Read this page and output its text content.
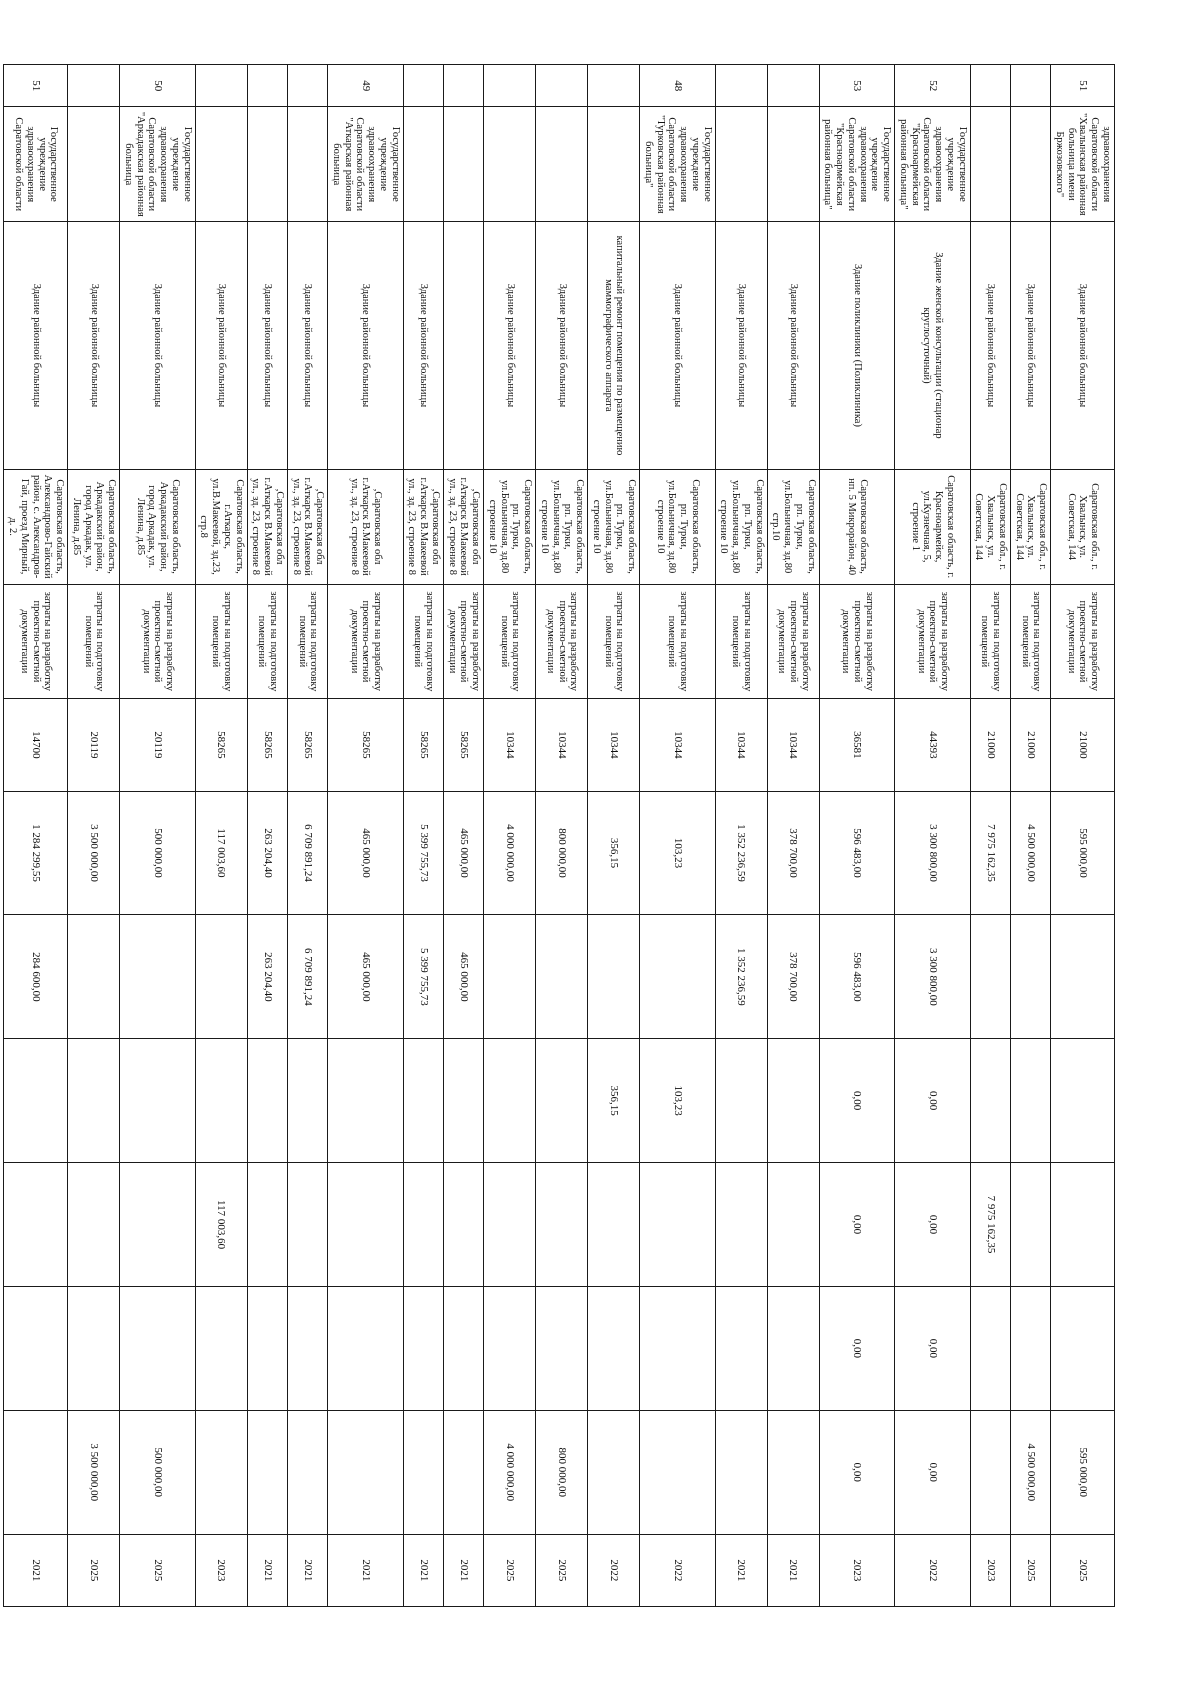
51	здравоохранения Саратовской области "Хвалынская районная больница имени Бржозовского"	Здание районной больницы	Саратовская обл., г. Хвалынск, ул. Советская, 144	затраты на разработку проектно-сметной документации	21000	595 000,00					595 000,00	2025
		Здание районной больницы	Саратовская обл., г. Хвалынск, ул. Советская, 144	затраты на подготовку помещений	21000	4 500 000,00					4 500 000,00	2025
		Здание районной больницы	Саратовская обл., г. Хвалынск, ул. Советская, 144	затраты на подготовку помещений	21000	7 975 162,35			7 975 162,35			2023
52	Государственное учреждение здравоохранения Саратовской области "Красноармейская районная больница"	Здание женской консультации (стационар круглосуточный)	Саратовская область, г. Красноармейск, ул.Кузнечная, 5, строение 1	затраты на разработку проектно-сметной документации	44393	3 300 800,00	3 300 800,00	0,00	0,00	0,00	0,00	2022
53	Государственное учреждение здравоохранения Саратовской области "Красноармейская районная больница"	Здание поликлиники (Поликлиника)	Саратовская область, нп. 5 Микрорайон, 40	затраты на разработку проектно-сметной документации	36581	596 483,00	596 483,00	0,00	0,00	0,00	0,00	2023
		Здание районной больницы	Саратовская область, рп. Турки, ул.Больничная, зд.80 стр.10	затраты на разработку проектно-сметной документации	10344	378 700,00	378 700,00					2021
		Здание районной больницы	Саратовская область, рп. Турки, ул.Больничная, зд.80 строение 10	затраты на подготовку помещений	10344	1 352 236,59	1 352 236,59					2021
48	Государственное учреждение здравоохранения Саратовской области "Турковская районная больница"	Здание районной больницы	Саратовская область, рп. Турки, ул.Больничная, зд.80 строение 10	затраты на подготовку помещений	10344	103,23		103,23				2022
		капитальный ремонт помещения по размещению маммографического аппарата	Саратовская область, рп. Турки, ул.Больничная, зд.80 строение 10	затраты на подготовку помещений	10344	356,15		356,15				2022
		Здание районной больницы	Саратовская область, рп. Турки, ул.Больничная, зд.80 строение 10	затраты на разработку проектно-сметной документации	10344	800 000,00					800 000,00	2025
		Здание районной больницы	Саратовская область, рп. Турки, ул.Больничная, зд.80 строение 10	затраты на подготовку помещений	10344	4 000 000,00					4 000 000,00	2025
			,Саратовская обл г.Аткарск В.Макеевой ул., зд. 23, строение 8	затраты на разработку проектно-сметной документации	58265	465 000,00	465 000,00					2021
		Здание районной больницы	,Саратовская обл г.Аткарск В.Макеевой ул., зд. 23, строение 8	затраты на подготовку помещений	58265	5 399 755,73	5 399 755,73					2021
49	Государственное учреждение здравоохранения Саратовской области "Аткарская районная больница	Здание районной больницы	,Саратовская обл г.Аткарск В.Макеевой ул., зд. 23, строение 8	затраты на разработку проектно-сметной документации	58265	465 000,00	465 000,00					2021
		Здание районной больницы	,Саратовская обл г.Аткарск В.Макеевой ул., зд. 23, строение 8	затраты на подготовку помещений	58265	6 709 891,24	6 709 891,24					2021
		Здание районной больницы	,Саратовская обл г.Аткарск В.Макеевой ул., зд. 23, строение 8	затраты на подготовку помещений	58265	263 204,40	263 204,40					2021
		Здание районной больницы	Саратовская область, г.Аткарск, ул.В.Макеевой, зд.23, стр.8	затраты на подготовку помещений	58265	117 003,60			117 003,60			2023
50	Государственное учреждение здравоохранения Саратовской области "Аркадакская районная больница	Здание районной больницы	Саратовская область, Аркадакский район, город Аркадак, ул. Ленина, д.85	затраты на разработку проектно-сметной документации	20119	500 000,00					500 000,00	2025
		Здание районной больницы	Саратовская область, Аркадакский район, город Аркадак, ул. Ленина, д.85	затраты на подготовку помещений	20119	3 500 000,00					3 500 000,00	2025
51	Государственное учреждение здравоохранения Саратовской области	Здание районной больницы	Саратовская область, Александрово-Гайский район, с. Александров-Гай, проезд Мирный, д. 2.	затраты на разработку проектно-сметной документации	14700	1 284 299,55	284 600,00					2021
